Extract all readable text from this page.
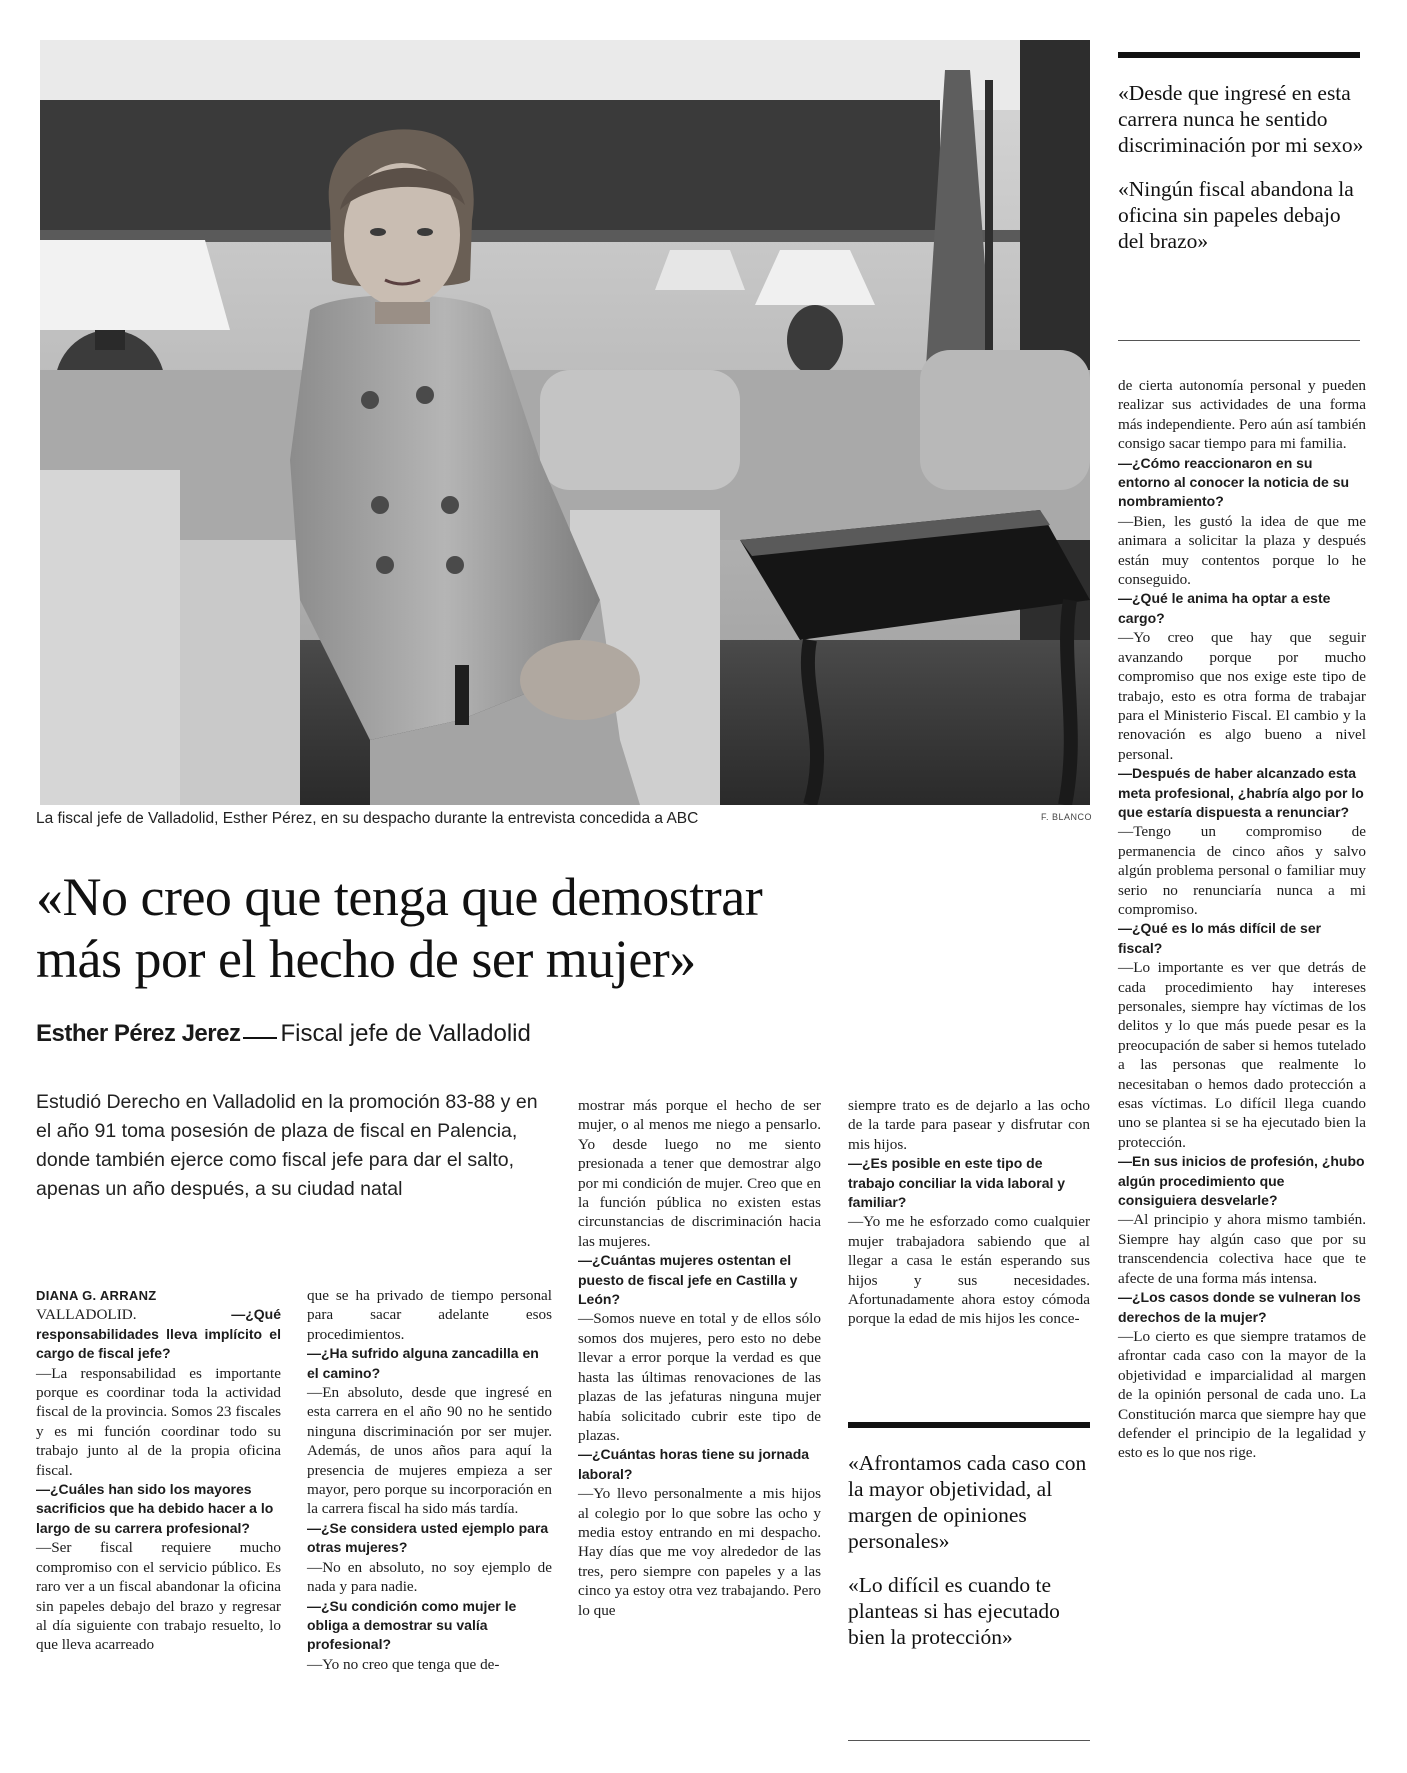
La fiscal jefe de Valladolid, Esther Pérez, en su despacho durante la entrevista concedida a ABC	F. BLANCO
«No creo que tenga que demostrar
más por el hecho de ser mujer»
Esther Pérez Jerez Fiscal jefe de Valladolid

Estudió Derecho en Valladolid en la promoción 83-88 y en el año 91 toma posesión de plaza de fiscal en Palencia, donde también ejerce como fiscal jefe para dar el salto, apenas un año después, a su ciudad natal

DIANA G. ARRANZ

VALLADOLID.	—¿Qué responsabilidades lleva implícito el cargo de fiscal jefe?

—La responsabilidad es importante porque es coordinar toda la actividad fiscal de la provincia. Somos 23 fiscales y es mi función coordinar todo su trabajo junto al de la propia oficina fiscal.

—¿Cuáles han sido los mayores sacrificios que ha debido hacer a lo largo de su carrera profesional?

—Ser fiscal requiere mucho compromiso con el servicio público. Es raro ver a un fiscal abandonar la oficina sin papeles debajo del brazo y regresar al día siguiente con trabajo resuelto, lo que lleva acarreado

que se ha privado de tiempo personal para sacar adelante esos procedimientos.

—¿Ha sufrido alguna zancadilla en el camino?

—En absoluto, desde que ingresé en esta carrera en el año 90 no he sentido ninguna discriminación por ser mujer. Además, de unos años para aquí la presencia de mujeres empieza a ser mayor, pero porque su incorporación en la carrera fiscal ha sido más tardía.

—¿Se considera usted ejemplo para otras mujeres?

—No en absoluto, no soy ejemplo de nada y para nadie.

—¿Su condición como mujer le obliga a demostrar su valía profesional?

—Yo no creo que tenga que de-

mostrar más porque el hecho de ser mujer, o al menos me niego a pensarlo. Yo desde luego no me siento presionada a tener que demostrar algo por mi condición de mujer. Creo que en la función pública no existen estas circunstancias de discriminación hacia las mujeres.

—¿Cuántas mujeres ostentan el puesto de fiscal jefe en Castilla y León?

—Somos nueve en total y de ellos sólo somos dos mujeres, pero esto no debe llevar a error porque la verdad es que hasta las últimas renovaciones de las plazas de las jefaturas ninguna mujer había solicitado cubrir este tipo de plazas.

—¿Cuántas horas tiene su jornada laboral?

—Yo llevo personalmente a mis hijos al colegio por lo que sobre las ocho y media estoy entrando en mi despacho. Hay días que me voy alrededor de las tres, pero siempre con papeles y a las cinco ya estoy otra vez trabajando. Pero lo que

siempre trato es de dejarlo a las ocho de la tarde para pasear y disfrutar con mis hijos.

—¿Es posible en este tipo de trabajo conciliar la vida laboral y familiar?

—Yo me he esforzado como cualquier mujer trabajadora sabiendo que al llegar a casa le están esperando sus hijos y sus necesidades. Afortunadamente ahora estoy cómoda porque la edad de mis hijos les conce-

de cierta autonomía personal y pueden realizar sus actividades de una forma más independiente. Pero aún así también consigo sacar tiempo para mi familia.

—¿Cómo reaccionaron en su entorno al conocer la noticia de su nombramiento?

—Bien, les gustó la idea de que me animara a solicitar la plaza y después están muy contentos porque lo he conseguido.

—¿Qué le anima ha optar a este cargo?

—Yo creo que hay que seguir avanzando porque por mucho compromiso que nos exige este tipo de trabajo, esto es otra forma de trabajar para el Ministerio Fiscal. El cambio y la renovación es algo bueno a nivel personal.

—Después de haber alcanzado esta meta profesional, ¿habría algo por lo que estaría dispuesta a renunciar?

—Tengo un compromiso de permanencia de cinco años y salvo algún problema personal o familiar muy serio no renunciaría nunca a mi compromiso.

—¿Qué es lo más difícil de ser fiscal?

—Lo importante es ver que detrás de cada procedimiento hay intereses personales, siempre hay víctimas de los delitos y lo que más puede pesar es la preocupación de saber si hemos tutelado a las personas que realmente lo necesitaban o hemos dado protección a esas víctimas. Lo difícil llega cuando uno se plantea si se ha ejecutado bien la protección.

—En sus inicios de profesión, ¿hubo algún procedimiento que consiguiera desvelarle?

—Al principio y ahora mismo también. Siempre hay algún caso que por su transcendencia colectiva hace que te afecte de una forma más intensa.

—¿Los casos donde se vulneran los derechos de la mujer?

—Lo cierto es que siempre tratamos de afrontar cada caso con la mayor de la objetividad e imparcialidad al margen de la opinión personal de cada uno. La Constitución marca que siempre hay que defender el principio de la legalidad y esto es lo que nos rige.

«Desde que ingresé en esta carrera nunca he sentido discriminación por mi sexo»

«Ningún fiscal abandona la oficina sin papeles debajo del brazo»

«Afrontamos cada caso con la mayor objetividad, al margen de opiniones personales»

«Lo difícil es cuando te planteas si has ejecutado bien la protección»
